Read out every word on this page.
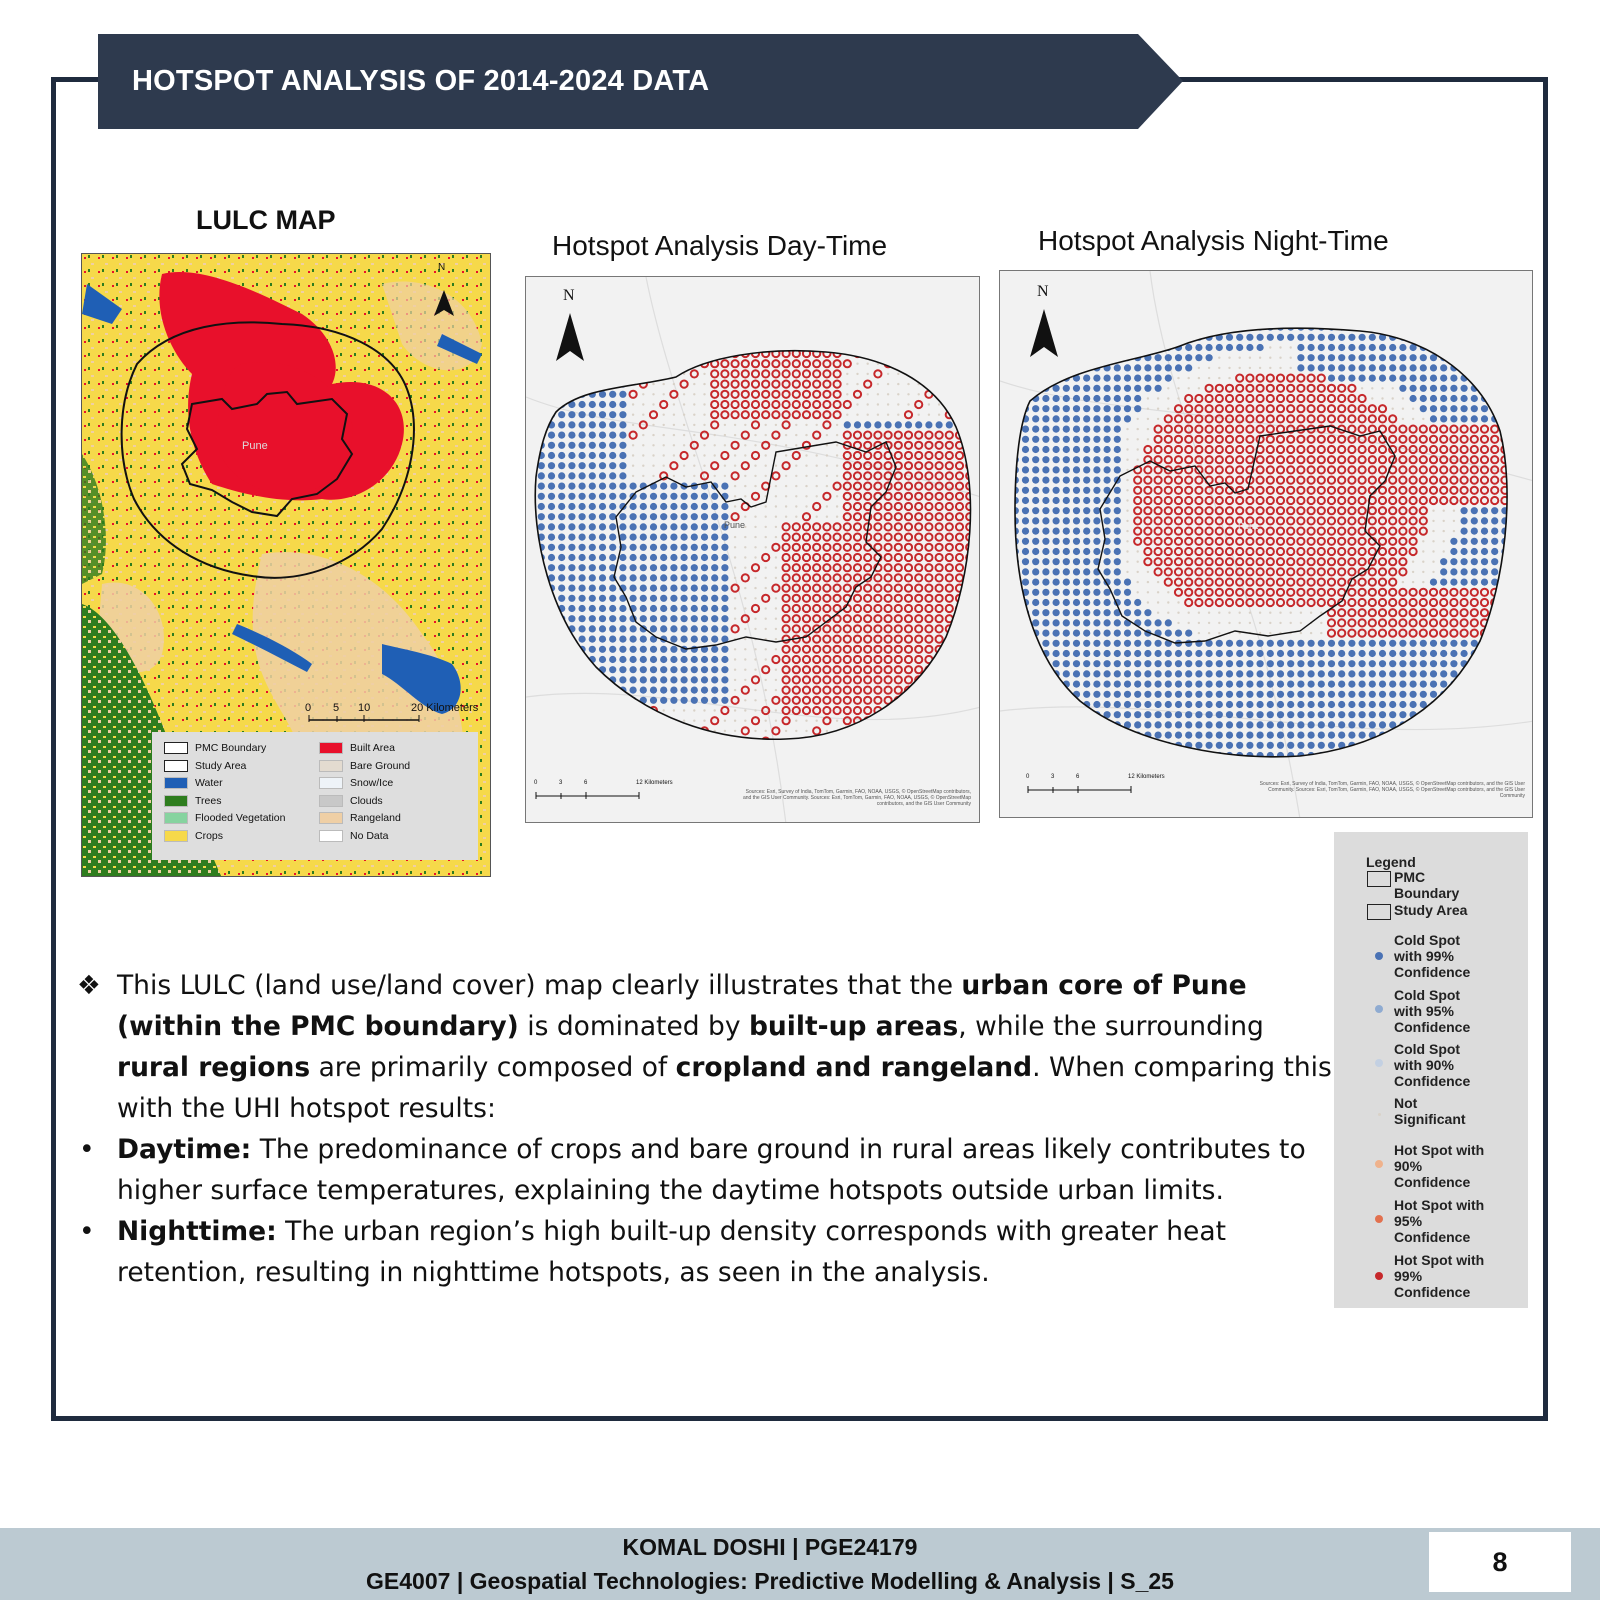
HOTSPOT ANALYSIS OF 2014-2024 DATA
LULC MAP
Hotspot Analysis Day-Time	Hotspot Analysis Night-Time
N
Pune
0 5 10	20 Kilometers
PMC Boundary
Study Area
Water
Trees
Flooded Vegetation
Crops
Built Area
Bare Ground
Snow/Ice
Clouds
Rangeland
No Data
N
Pune
0	3	6	12 Kilometers
Sources: Esri, Survey of India, TomTom, Garmin, FAO, NOAA, USGS, © OpenStreetMap contributors, and the GIS User Community. Sources: Esri, TomTom, Garmin, FAO, NOAA, USGS, © OpenStreetMap contributors, and the GIS User Community
N
Pune
0	3	6	12 Kilometers
Sources: Esri, Survey of India, TomTom, Garmin, FAO, NOAA, USGS, © OpenStreetMap contributors, and the GIS User Community. Sources: Esri, TomTom, Garmin, FAO, NOAA, USGS, © OpenStreetMap contributors, and the GIS User Community
Legend
PMC
Boundary
Study Area
Cold Spot
with 99%
Confidence
Cold Spot
with 95%
Confidence
Cold Spot
with 90%
Confidence
Not
Significant
Hot Spot with
90%
Confidence
Hot Spot with
95%
Confidence
Hot Spot with
99%
Confidence

❖ This LULC (land use/land cover) map clearly illustrates that the urban core of Pune (within the PMC boundary) is dominated by built-up areas, while the surrounding rural regions are primarily composed of cropland and rangeland. When comparing this with the UHI hotspot results:

• Daytime: The predominance of crops and bare ground in rural areas likely contributes to higher surface temperatures, explaining the daytime hotspots outside urban limits.

• Nighttime: The urban region’s high built-up density corresponds with greater heat retention, resulting in nighttime hotspots, as seen in the analysis.

KOMAL DOSHI | PGE24179
GE4007 | Geospatial Technologies: Predictive Modelling & Analysis | S_25
8
